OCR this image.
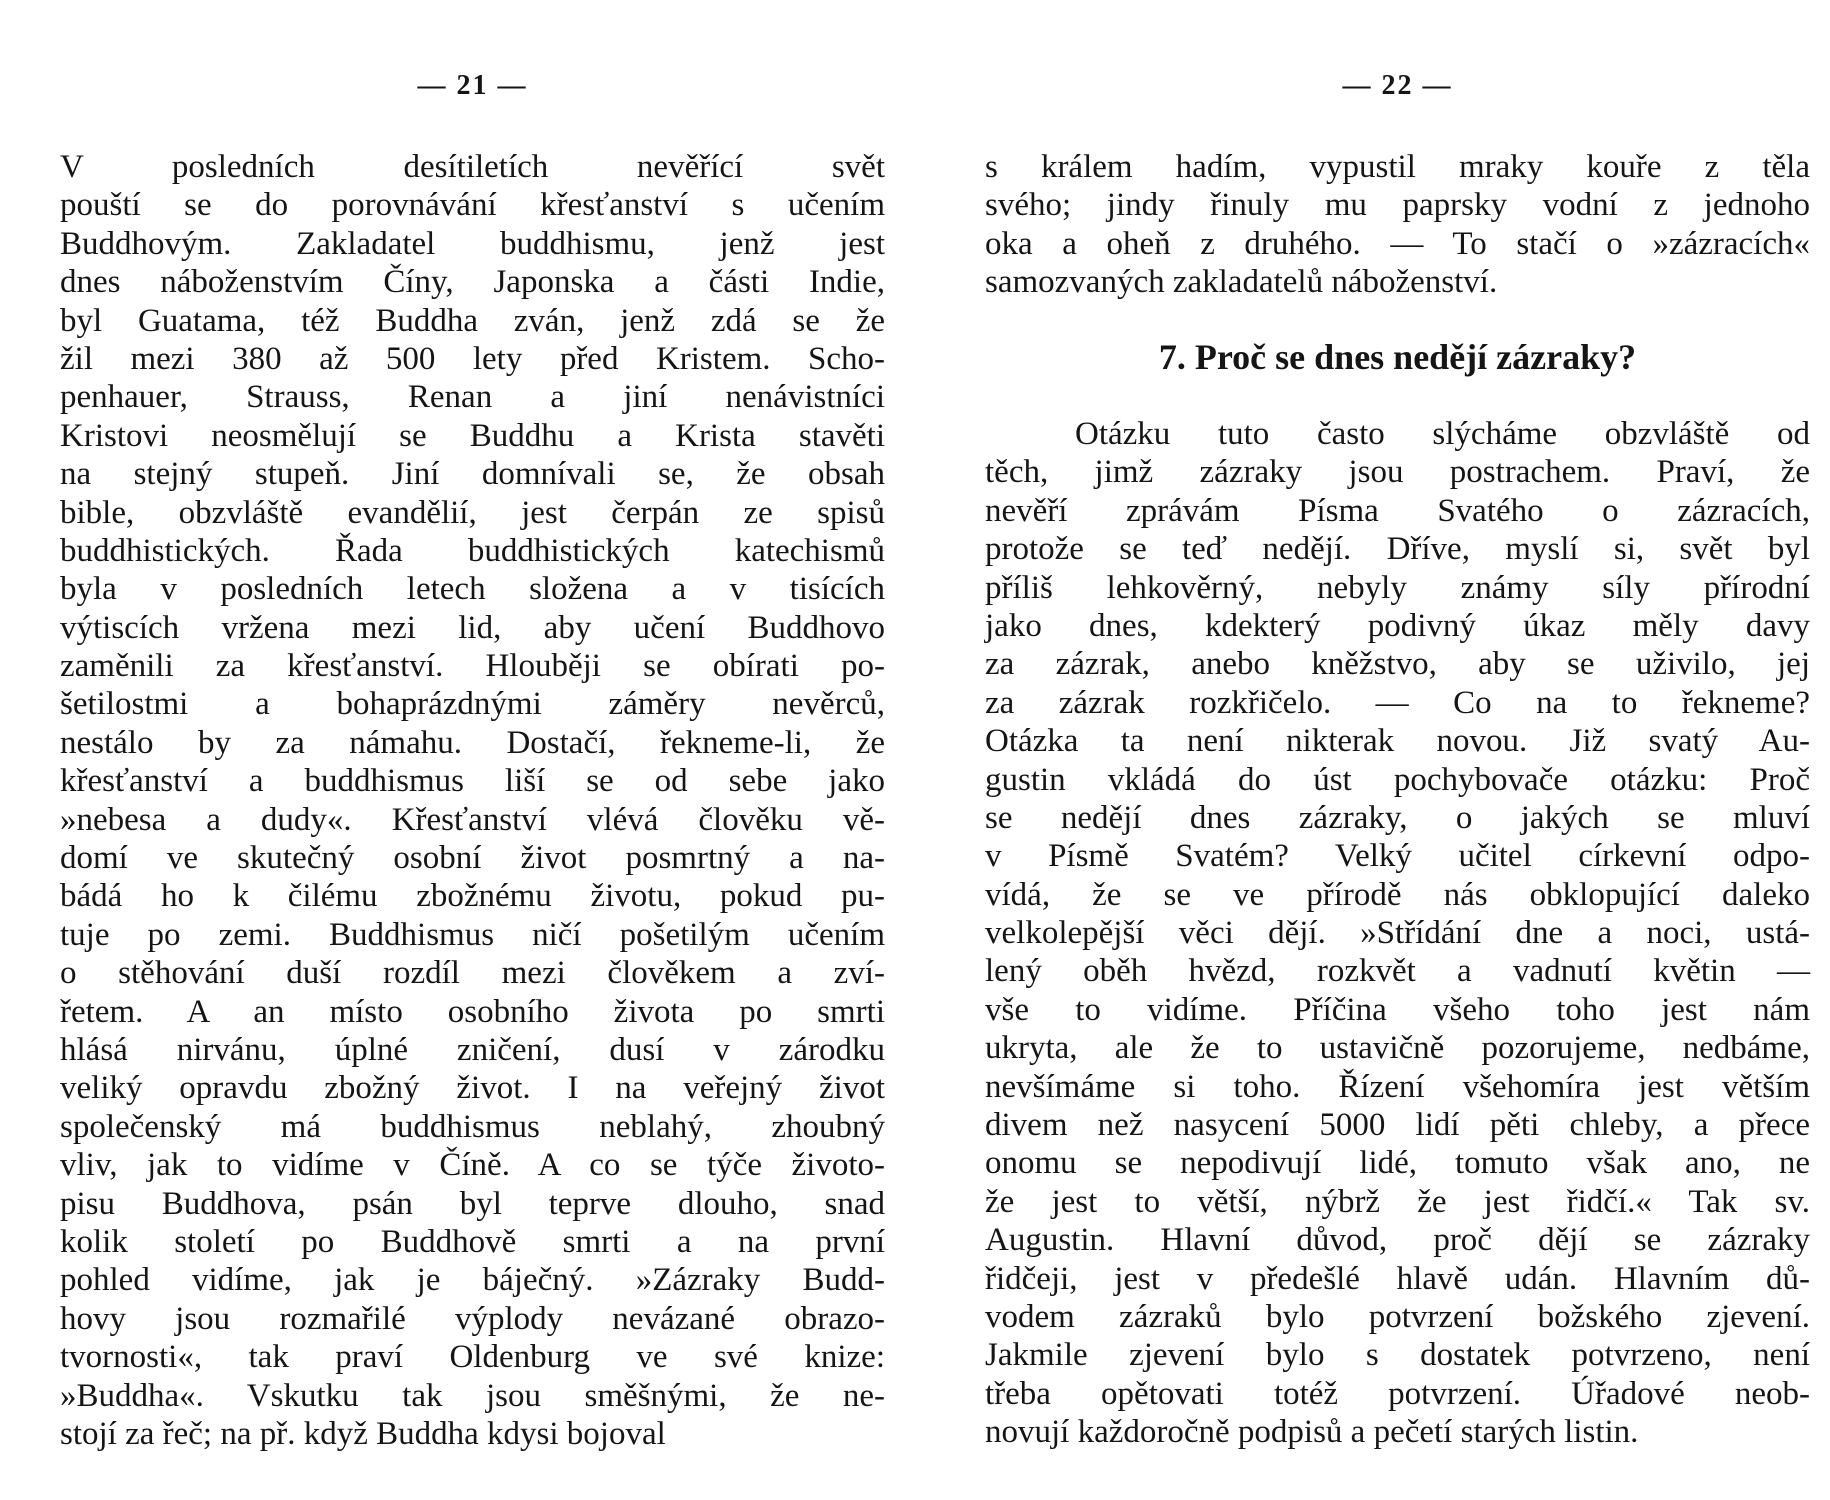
— 21 —
V posledních desítiletích nevěřící svět
pouští se do porovnávání křesťanství s učením
Buddhovým. Zakladatel buddhismu, jenž jest
dnes náboženstvím Číny, Japonska a části Indie,
byl Guatama, též Buddha zván, jenž zdá se že
žil mezi 380 až 500 lety před Kristem. Scho-
penhauer, Strauss, Renan a jiní nenávistníci
Kristovi neosmělují se Buddhu a Krista stavěti
na stejný stupeň. Jiní domnívali se, že obsah
bible, obzvláště evandělií, jest čerpán ze spisů
buddhistických. Řada buddhistických katechismů
byla v posledních letech složena a v tisících
výtiscích vržena mezi lid, aby učení Buddhovo
zaměnili za křesťanství. Hlouběji se obírati po-
šetilostmi a bohaprázdnými záměry nevěrců,
nestálo by za námahu. Dostačí, řekneme-li, že
křesťanství a buddhismus liší se od sebe jako
»nebesa a dudy«. Křesťanství vlévá člověku vě-
domí ve skutečný osobní život posmrtný a na-
bádá ho k čilému zbožnému životu, pokud pu-
tuje po zemi. Buddhismus ničí pošetilým učením
o stěhování duší rozdíl mezi člověkem a zví-
řetem. A an místo osobního života po smrti
hlásá nirvánu, úplné zničení, dusí v zárodku
veliký opravdu zbožný život. I na veřejný život
společenský má buddhismus neblahý, zhoubný
vliv, jak to vidíme v Číně. A co se týče životo-
pisu Buddhova, psán byl teprve dlouho, snad
kolik století po Buddhově smrti a na první
pohled vidíme, jak je báječný. »Zázraky Budd-
hovy jsou rozmařilé výplody nevázané obrazo-
tvornosti«, tak praví Oldenburg ve své knize:
»Buddha«. Vskutku tak jsou směšnými, že ne-
stojí za řeč; na př. když Buddha kdysi bojoval
— 22 —
s králem hadím, vypustil mraky kouře z těla
svého; jindy řinuly mu paprsky vodní z jednoho
oka a oheň z druhého. — To stačí o »zázracích«
samozvaných zakladatelů náboženství.
7. Proč se dnes nedějí zázraky?
Otázku tuto často slýcháme obzvláště od
těch, jimž zázraky jsou postrachem. Praví, že
nevěří zprávám Písma Svatého o zázracích,
protože se teď nedějí. Dříve, myslí si, svět byl
příliš lehkověrný, nebyly známy síly přírodní
jako dnes, kdekterý podivný úkaz měly davy
za zázrak, anebo kněžstvo, aby se uživilo, jej
za zázrak rozkřičelo. — Co na to řekneme?
Otázka ta není nikterak novou. Již svatý Au-
gustin vkládá do úst pochybovače otázku: Proč
se nedějí dnes zázraky, o jakých se mluví
v Písmě Svatém? Velký učitel církevní odpo-
vídá, že se ve přírodě nás obklopující daleko
velkolepější věci dějí. »Střídání dne a noci, ustá-
lený oběh hvězd, rozkvět a vadnutí květin —
vše to vidíme. Příčina všeho toho jest nám
ukryta, ale že to ustavičně pozorujeme, nedbáme,
nevšímáme si toho. Řízení všehomíra jest větším
divem než nasycení 5000 lidí pěti chleby, a přece
onomu se nepodivují lidé, tomuto však ano, ne
že jest to větší, nýbrž že jest řidčí.« Tak sv.
Augustin. Hlavní důvod, proč dějí se zázraky
řidčeji, jest v předešlé hlavě udán. Hlavním dů-
vodem zázraků bylo potvrzení božského zjevení.
Jakmile zjevení bylo s dostatek potvrzeno, není
třeba opětovati totéž potvrzení. Úřadové neob-
novují každoročně podpisů a pečetí starých listin.
